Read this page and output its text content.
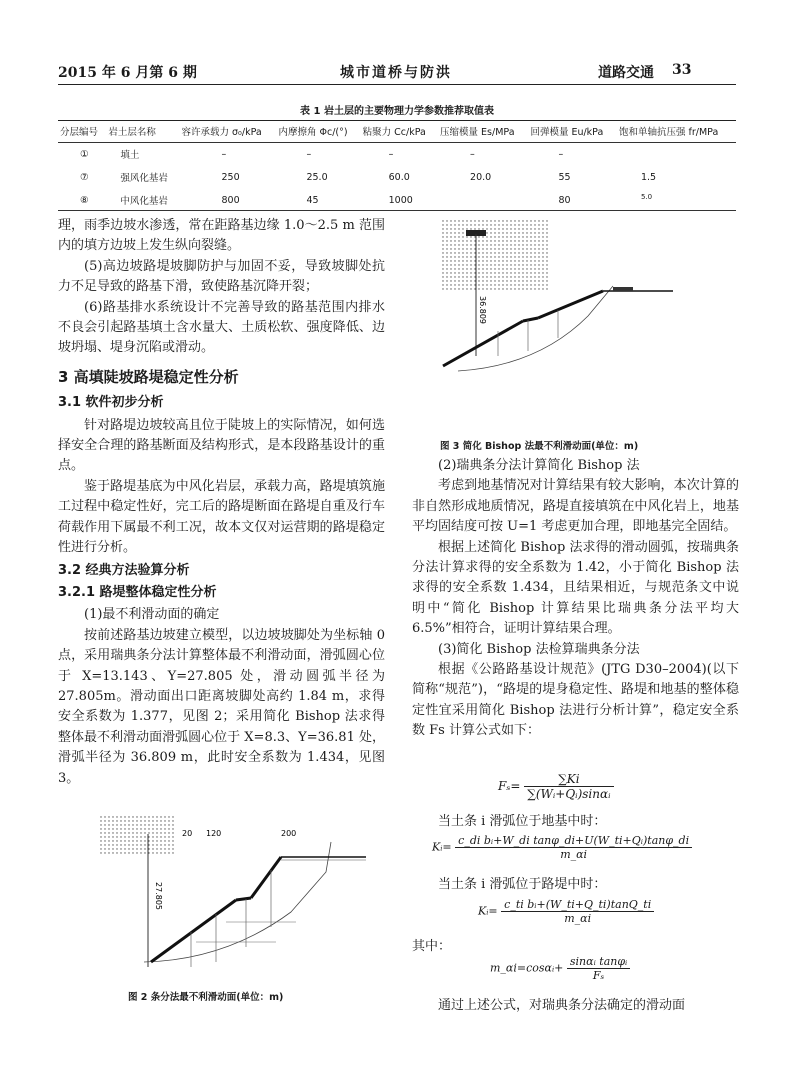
2015 年 6 月第 6 期	城市道桥与防洪	道路交通 33
表 1 岩土层的主要物理力学参数推荐取值表
分层编号	岩土层名称	容许承载力 σ₀/kPa	内摩擦角 Φc/(°)	粘聚力 Cc/kPa	压缩模量 Es/MPa	回弹模量 Eu/kPa	饱和单轴抗压强 fr/MPa
①	填土	–	–	–	–	–	
⑦	强风化基岩	250	25.0	60.0	20.0	55	1.5
⑧	中风化基岩	800	45	1000		80	5.0

理，雨季边坡水渗透，常在距路基边缘 1.0～2.5 m 范围内的填方边坡上发生纵向裂缝。

(5)高边坡路堤坡脚防护与加固不妥，导致坡脚处抗力不足导致的路基下滑，致使路基沉降开裂；

(6)路基排水系统设计不完善导致的路基范围内排水不良会引起路基填土含水量大、土质松软、强度降低、边坡坍塌、堤身沉陷或滑动。

3 高填陡坡路堤稳定性分析
3.1 软件初步分析

针对路堤边坡较高且位于陡坡上的实际情况，如何选择安全合理的路基断面及结构形式，是本段路基设计的重点。

鉴于路堤基底为中风化岩层，承载力高，路堤填筑施工过程中稳定性好，完工后的路堤断面在路堤自重及行车荷载作用下属最不利工况，故本文仅对运营期的路堤稳定性进行分析。

3.2 经典方法验算分析
3.2.1 路堤整体稳定性分析

(1)最不利滑动面的确定

按前述路基边坡建立模型，以边坡坡脚处为坐标轴 0 点，采用瑞典条分法计算整体最不利滑动面，滑弧圆心位于 X=13.143、Y=27.805 处，滑动圆弧半径为 27.805m。滑动面出口距离坡脚处高约 1.84 m，求得安全系数为 1.377，见图 2；采用简化 Bishop 法求得整体最不利滑动面滑弧圆心位于 X=8.3、Y=36.81 处，滑弧半径为 36.809 m，此时安全系数为 1.434，见图 3。

20 120	200
27.805
图 2 条分法最不利滑动面(单位：m)
36.809
图 3 简化 Bishop 法最不利滑动面(单位：m)

(2)瑞典条分法计算简化 Bishop 法

考虑到地基情况对计算结果有较大影响，本次计算的非自然形成地质情况，路堤直接填筑在中风化岩上，地基平均固结度可按 U=1 考虑更加合理，即地基完全固结。

根据上述简化 Bishop 法求得的滑动圆弧，按瑞典条分法计算求得的安全系数为 1.42，小于简化 Bishop 法求得的安全系数 1.434，且结果相近，与规范条文中说明中“简化 Bishop 计算结果比瑞典条分法平均大 6.5%”相符合，证明计算结果合理。

(3)简化 Bishop 法检算瑞典条分法

根据《公路路基设计规范》(JTG D30–2004)(以下简称“规范”)，“路堤的堤身稳定性、路堤和地基的整体稳定性宜采用简化 Bishop 法进行分析计算”，稳定安全系数 Fs 计算公式如下：

$F_s= \frac{\sum Ki}{\text{∑(Wᵢ+Qᵢ)sinαᵢ}}$

当土条 i 滑弧位于地基中时：

Kᵢ= $\frac{\text{c\_di bᵢ+W\_di tanφ\_di+U(W\_ti+Qᵢ)tanφ\_di}}{m\_\alpha i}$

当土条 i 滑弧位于路堤中时：

Kᵢ= $\frac{\text{c\_ti bᵢ+(W\_ti+Q\_ti)tanQ\_ti}}{m\_\alpha i}$

其中：

m_αi=cosαᵢ+ $\frac{\text{sinαᵢ tanφᵢ}}{\text{Fₛ}}$

通过上述公式，对瑞典条分法确定的滑动面
